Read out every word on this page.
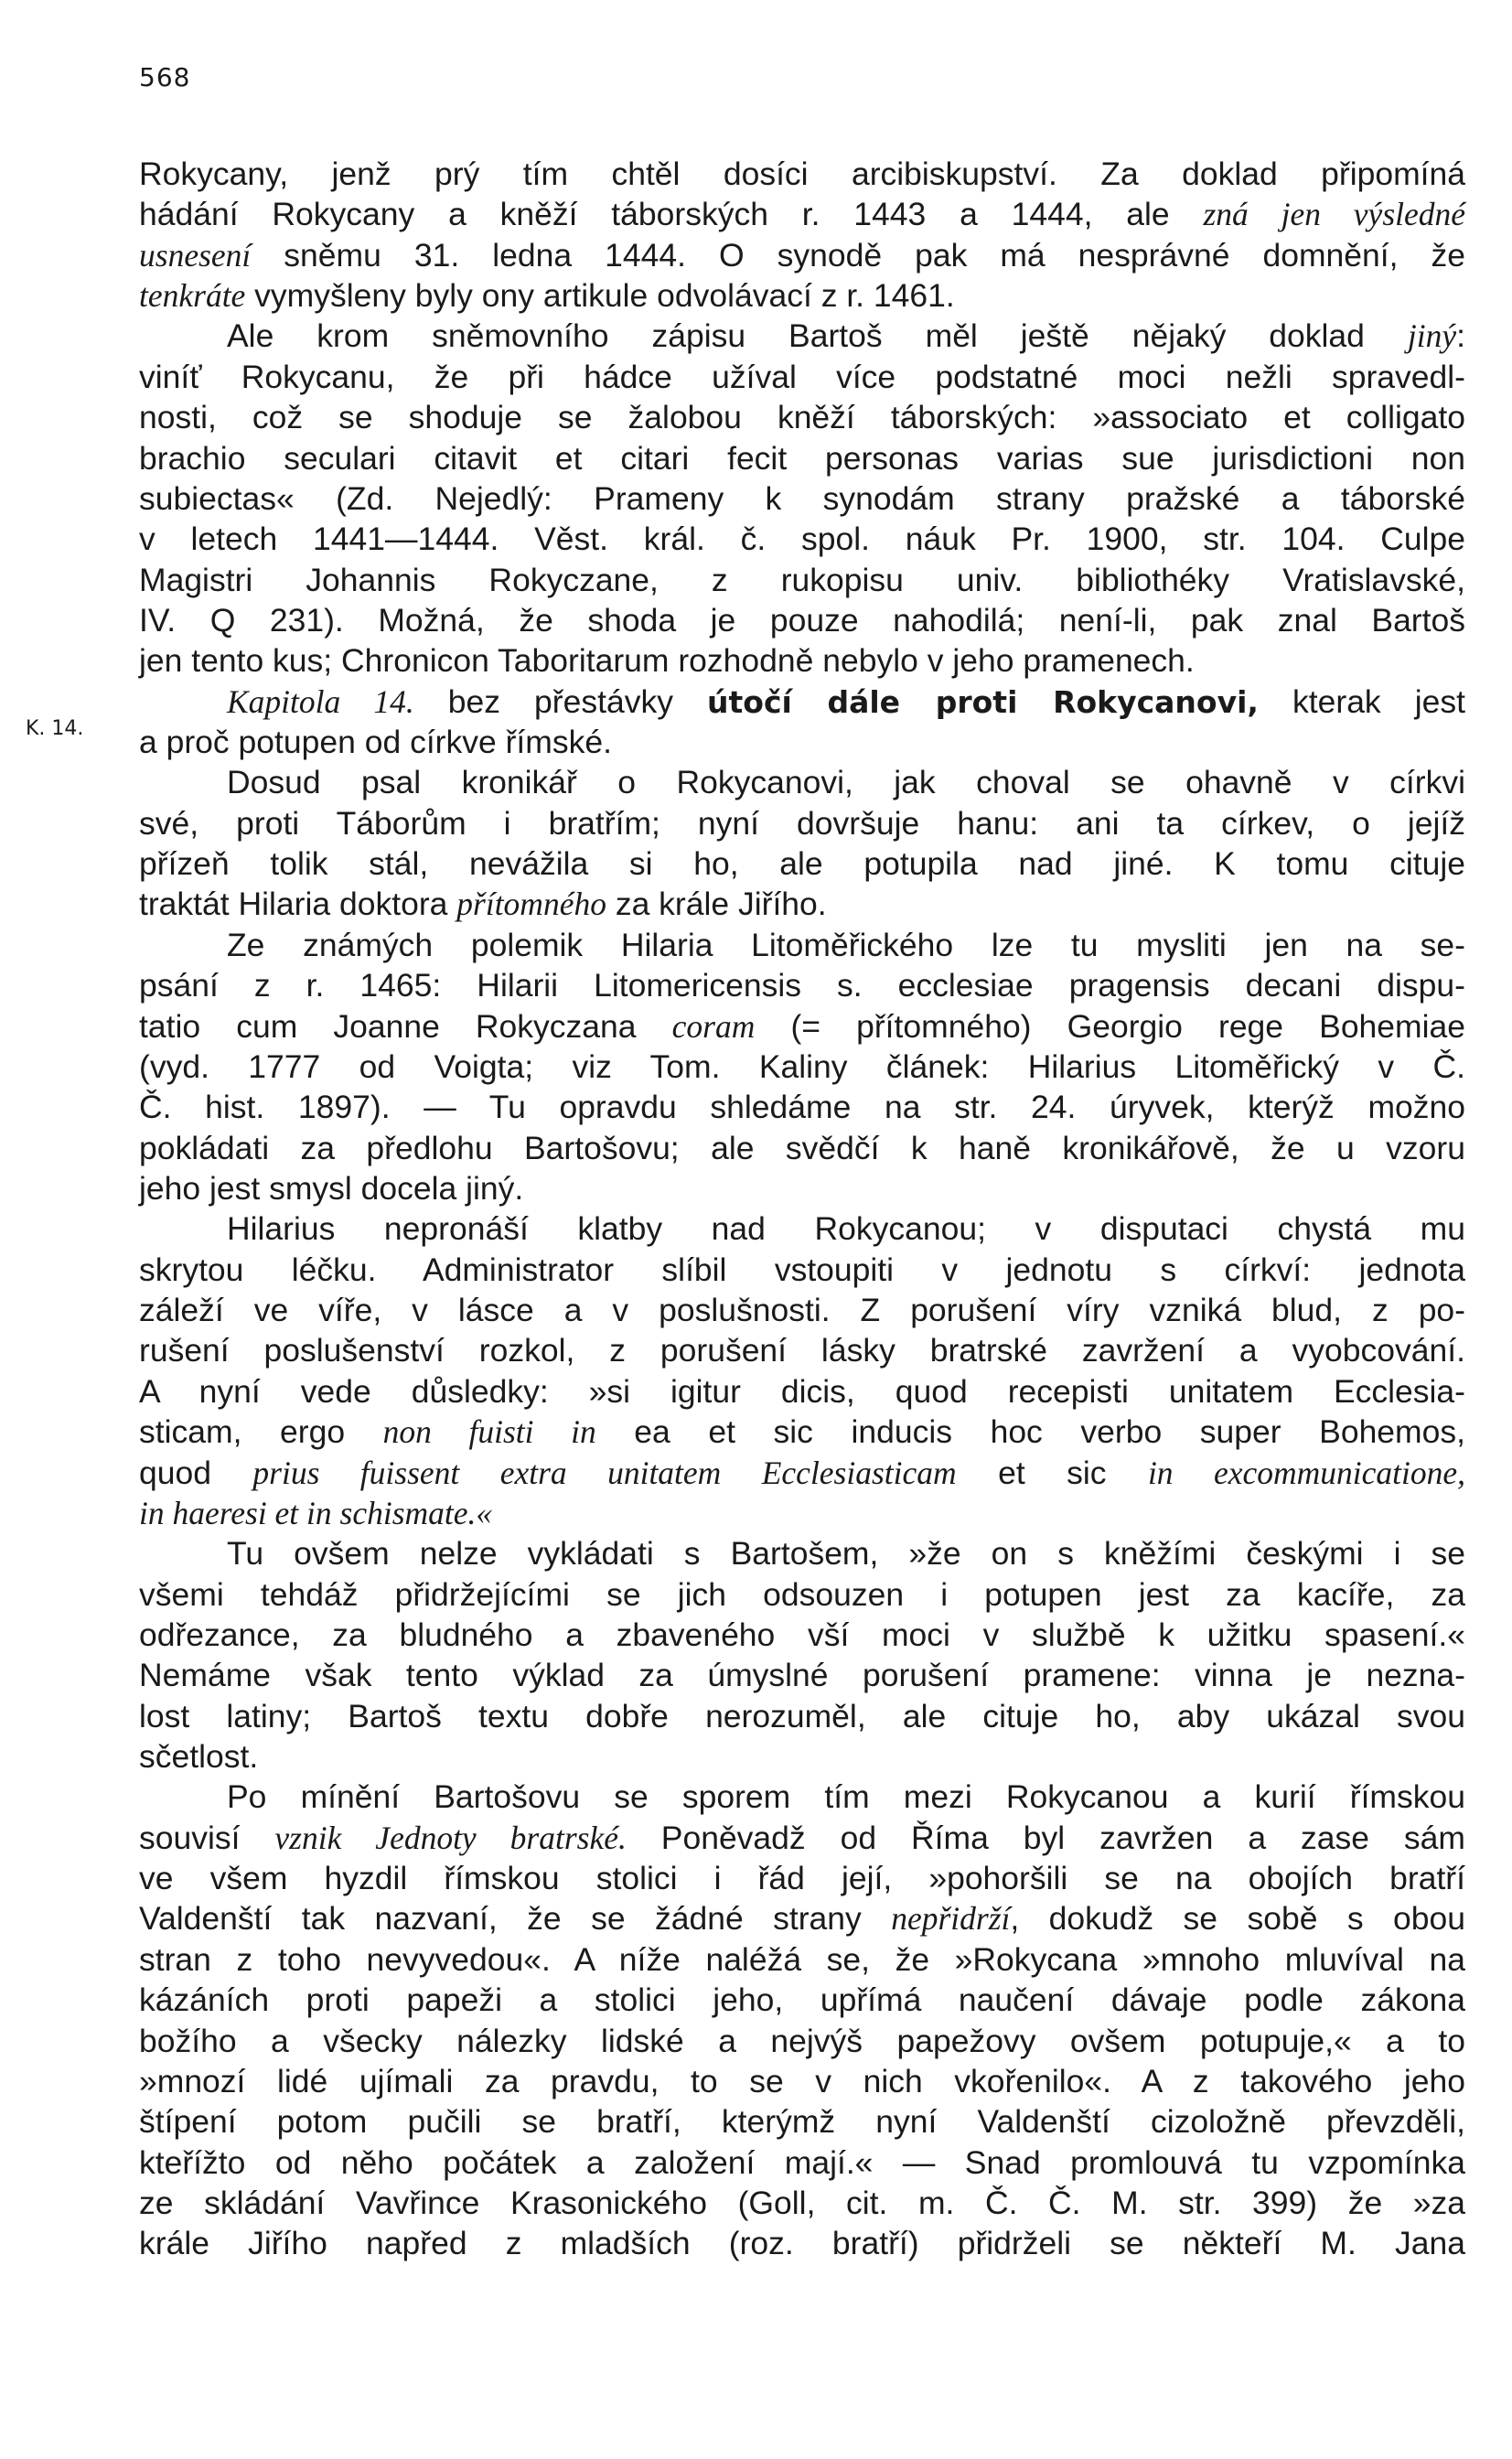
568
K. 14.
Rokycany, jenž prý tím chtěl dosíci arcibiskupství. Za doklad připomíná
hádání Rokycany a kněží táborských r. 1443 a 1444, ale zná jen výsledné
usnesení sněmu 31. ledna 1444. O synodě pak má nesprávné domnění, že
tenkráte vymyšleny byly ony artikule odvolávací z r. 1461.
Ale krom sněmovního zápisu Bartoš měl ještě nějaký doklad jiný:
viníť Rokycanu, že při hádce užíval více podstatné moci nežli spravedl-
nosti, což se shoduje se žalobou kněží táborských: »associato et colligato
brachio seculari citavit et citari fecit personas varias sue jurisdictioni non
subiectas« (Zd. Nejedlý: Prameny k synodám strany pražské a táborské
v letech 1441—1444. Věst. král. č. spol. náuk Pr. 1900, str. 104. Culpe
Magistri Johannis Rokyczane, z rukopisu univ. bibliothéky Vratislavské,
IV. Q 231). Možná, že shoda je pouze nahodilá; není-li, pak znal Bartoš
jen tento kus; Chronicon Taboritarum rozhodně nebylo v jeho pramenech.
Kapitola 14. bez přestávky útočí dále proti Rokycanovi, kterak jest
a proč potupen od církve římské.
Dosud psal kronikář o Rokycanovi, jak choval se ohavně v církvi
své, proti Táborům i bratřím; nyní dovršuje hanu: ani ta církev, o jejíž
přízeň tolik stál, nevážila si ho, ale potupila nad jiné. K tomu cituje
traktát Hilaria doktora přítomného za krále Jiřího.
Ze známých polemik Hilaria Litoměřického lze tu mysliti jen na se-
psání z r. 1465: Hilarii Litomericensis s. ecclesiae pragensis decani dispu-
tatio cum Joanne Rokyczana coram (= přítomného) Georgio rege Bohemiae
(vyd. 1777 od Voigta; viz Tom. Kaliny článek: Hilarius Litoměřický v Č.
Č. hist. 1897). — Tu opravdu shledáme na str. 24. úryvek, kterýž možno
pokládati za předlohu Bartošovu; ale svědčí k haně kronikářově, že u vzoru
jeho jest smysl docela jiný.
Hilarius nepronáší klatby nad Rokycanou; v disputaci chystá mu
skrytou léčku. Administrator slíbil vstoupiti v jednotu s církví: jednota
záleží ve víře, v lásce a v poslušnosti. Z porušení víry vzniká blud, z po-
rušení poslušenství rozkol, z porušení lásky bratrské zavržení a vyobcování.
A nyní vede důsledky: »si igitur dicis, quod recepisti unitatem Ecclesia-
sticam, ergo non fuisti in ea et sic inducis hoc verbo super Bohemos,
quod prius fuissent extra unitatem Ecclesiasticam et sic in excommunicatione,
in haeresi et in schismate.«
Tu ovšem nelze vykládati s Bartošem, »že on s kněžími českými i se
všemi tehdáž přidržejícími se jich odsouzen i potupen jest za kacíře, za
odřezance, za bludného a zbaveného vší moci v službě k užitku spasení.«
Nemáme však tento výklad za úmyslné porušení pramene: vinna je nezna-
lost latiny; Bartoš textu dobře nerozuměl, ale cituje ho, aby ukázal svou
sčetlost.
Po mínění Bartošovu se sporem tím mezi Rokycanou a kurií římskou
souvisí vznik Jednoty bratrské. Poněvadž od Říma byl zavržen a zase sám
ve všem hyzdil římskou stolici i řád její, »pohoršili se na obojích bratří
Valdenští tak nazvaní, že se žádné strany nepřidrží, dokudž se sobě s obou
stran z toho nevyvedou«. A níže naléžá se, že »Rokycana »mnoho mluvíval na
kázáních proti papeži a stolici jeho, upřímá naučení dávaje podle zákona
božího a všecky nálezky lidské a nejvýš papežovy ovšem potupuje,« a to
»mnozí lidé ujímali za pravdu, to se v nich vkořenilo«. A z takového jeho
štípení potom pučili se bratří, kterýmž nyní Valdenští cizoložně převzděli,
kteřížto od něho počátek a založení mají.« — Snad promlouvá tu vzpomínka
ze skládání Vavřince Krasonického (Goll, cit. m. Č. Č. M. str. 399) že »za
krále Jiřího napřed z mladších (roz. bratří) přidrželi se někteří M. Jana
